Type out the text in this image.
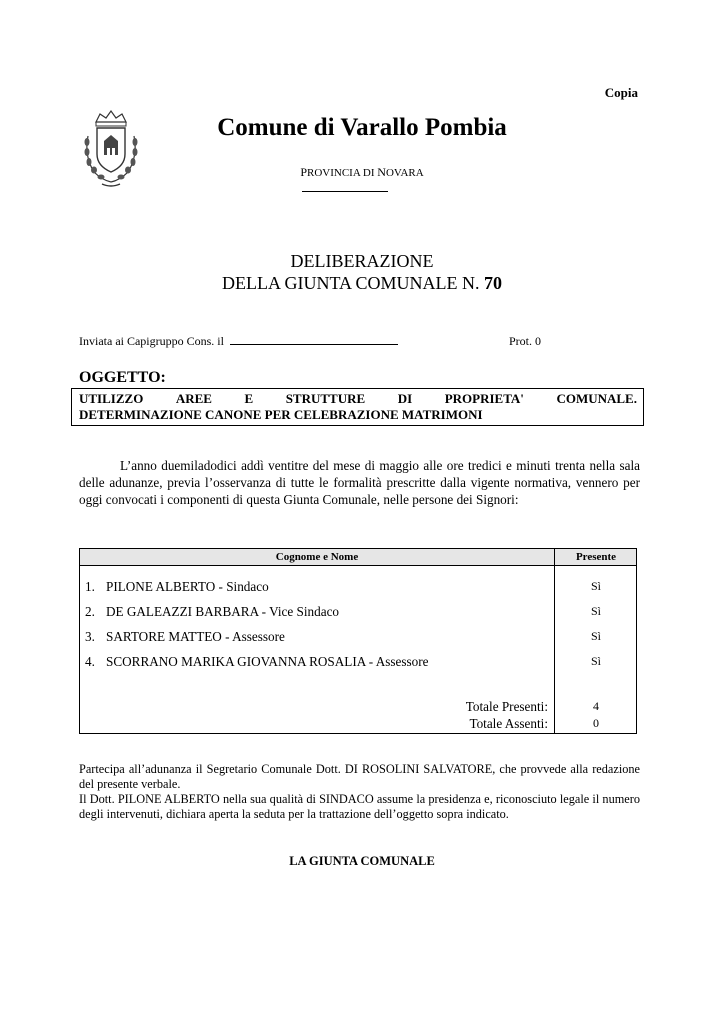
Copia
Comune di Varallo Pombia
PROVINCIA DI NOVARA
DELIBERAZIONE
DELLA GIUNTA COMUNALE N. 70
Inviata ai Capigruppo Cons. il	Prot. 0
OGGETTO:
UTILIZZO	AREE	E	STRUTTURE	DI	PROPRIETA'	COMUNALE.
DETERMINAZIONE CANONE PER CELEBRAZIONE MATRIMONI
L’anno duemiladodici addì ventitre del mese di maggio alle ore tredici e minuti trenta nella sala delle adunanze, previa l’osservanza di tutte le formalità prescritte dalla vigente normativa, vennero per oggi convocati i componenti di questa Giunta Comunale, nelle persone dei Signori:
Cognome e Nome	Presente
1. PILONE ALBERTO - Sindaco	Sì
2. DE GALEAZZI BARBARA - Vice Sindaco	Sì
3. SARTORE MATTEO - Assessore	Sì
4. SCORRANO MARIKA GIOVANNA ROSALIA - Assessore	Sì
Totale Presenti:	4
Totale Assenti:	0

Partecipa all’adunanza il Segretario Comunale Dott. DI ROSOLINI SALVATORE, che provvede alla redazione del presente verbale.

Il Dott. PILONE ALBERTO nella sua qualità di SINDACO assume la presidenza e, riconosciuto legale il numero degli intervenuti, dichiara aperta la seduta per la trattazione dell’oggetto sopra indicato.

LA GIUNTA COMUNALE
